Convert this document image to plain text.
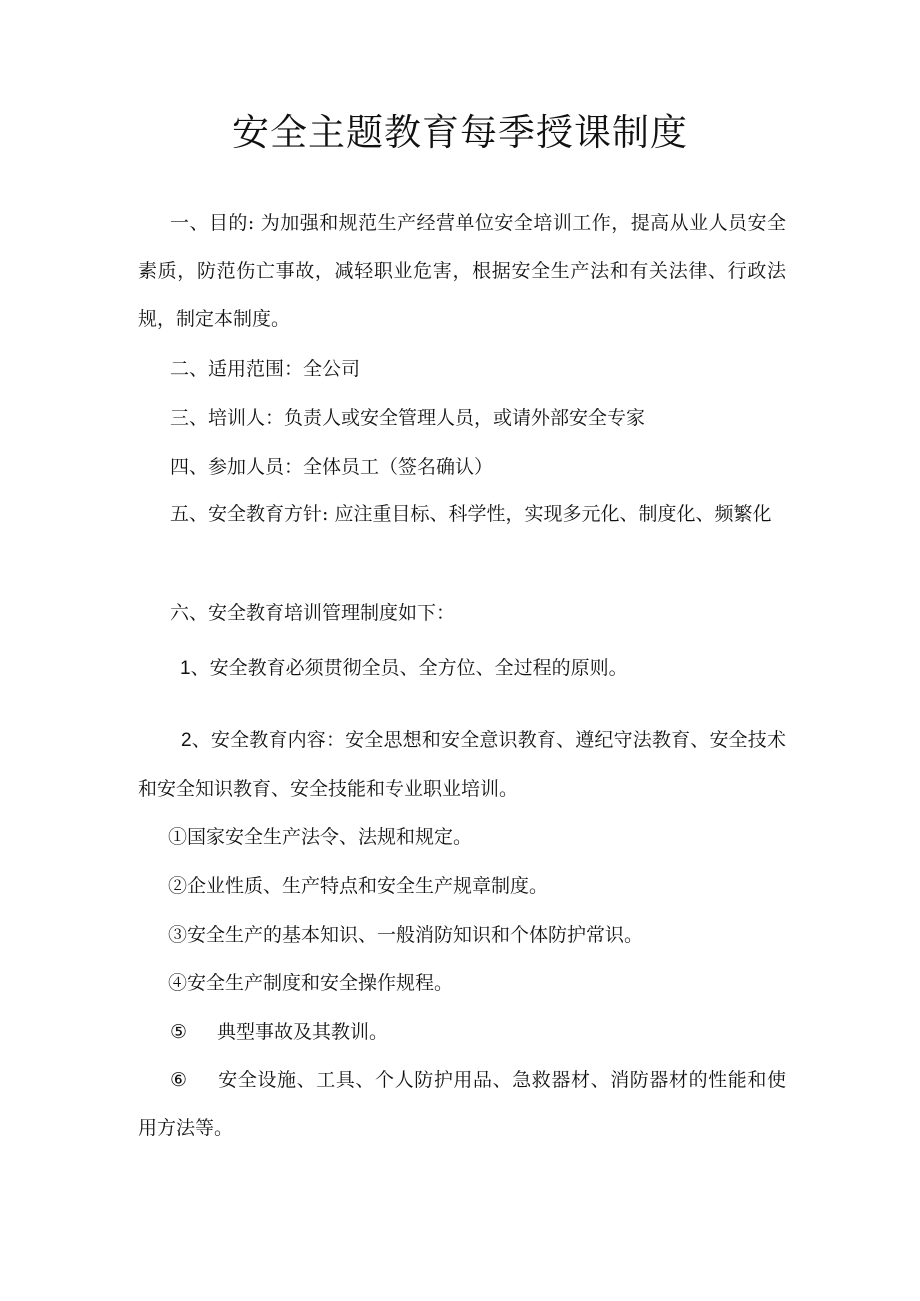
安全主题教育每季授课制度
一、目的: 为加强和规范生产经营单位安全培训工作，提高从业人员安全素质，防范伤亡事故，减轻职业危害，根据安全生产法和有关法律、行政法规，制定本制度。
二、适用范围：全公司
三、培训人：负责人或安全管理人员，或请外部安全专家
四、参加人员：全体员工（签名确认）
五、安全教育方针: 应注重目标、科学性，实现多元化、制度化、频繁化
六、安全教育培训管理制度如下：
1、安全教育必须贯彻全员、全方位、全过程的原则。
2、安全教育内容：安全思想和安全意识教育、遵纪守法教育、安全技术和安全知识教育、安全技能和专业职业培训。
①国家安全生产法令、法规和规定。
②企业性质、生产特点和安全生产规章制度。
③安全生产的基本知识、一般消防知识和个体防护常识。
④安全生产制度和安全操作规程。
⑤ 典型事故及其教训。
⑥ 安全设施、工具、个人防护用品、急救器材、消防器材的性能和使用方法等。
